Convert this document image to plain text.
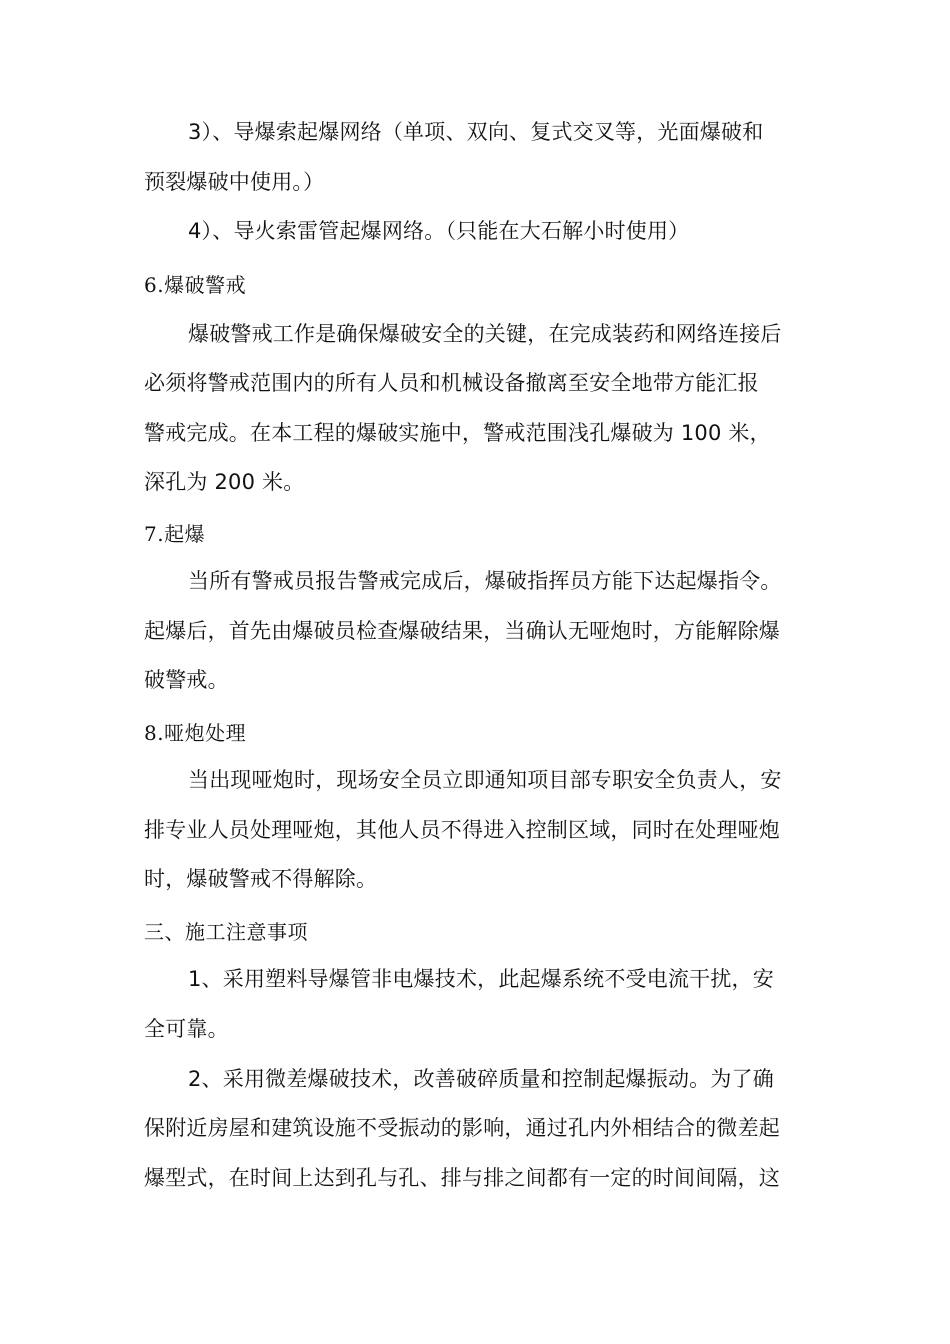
3）、导爆索起爆网络（单项、双向、复式交叉等，光面爆破和
预裂爆破中使用。）
4）、导火索雷管起爆网络。（只能在大石解小时使用）
6.爆破警戒
爆破警戒工作是确保爆破安全的关键，在完成装药和网络连接后
必须将警戒范围内的所有人员和机械设备撤离至安全地带方能汇报
警戒完成。在本工程的爆破实施中，警戒范围浅孔爆破为 100 米，
深孔为 200 米。
7.起爆
当所有警戒员报告警戒完成后，爆破指挥员方能下达起爆指令。
起爆后，首先由爆破员检查爆破结果，当确认无哑炮时，方能解除爆
破警戒。
8.哑炮处理
当出现哑炮时，现场安全员立即通知项目部专职安全负责人，安
排专业人员处理哑炮，其他人员不得进入控制区域，同时在处理哑炮
时，爆破警戒不得解除。
三、施工注意事项
1、采用塑料导爆管非电爆技术，此起爆系统不受电流干扰，安
全可靠。
2、采用微差爆破技术，改善破碎质量和控制起爆振动。为了确
保附近房屋和建筑设施不受振动的影响，通过孔内外相结合的微差起
爆型式，在时间上达到孔与孔、排与排之间都有一定的时间间隔，这
